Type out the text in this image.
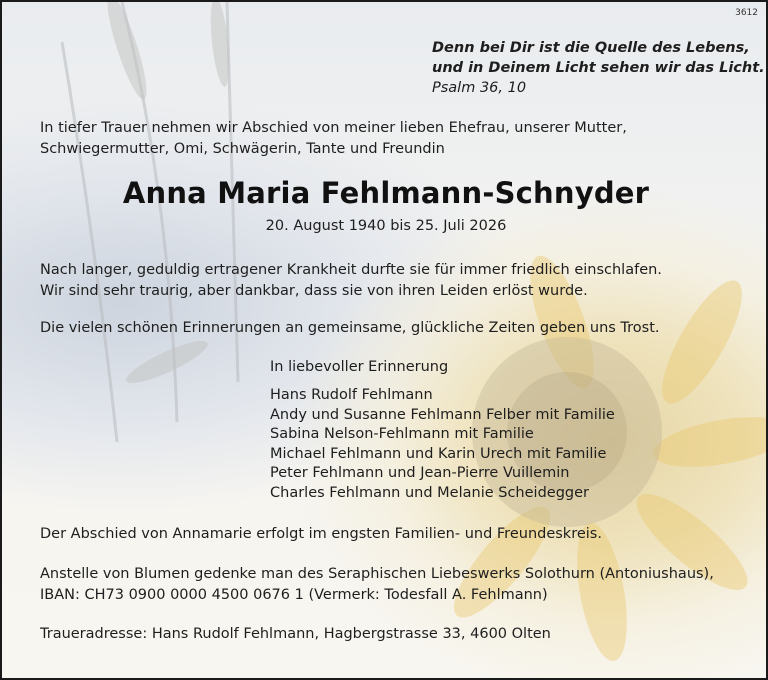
3612
Denn bei Dir ist die Quelle des Lebens,
und in Deinem Licht sehen wir das Licht.
Psalm 36, 10
In tiefer Trauer nehmen wir Abschied von meiner lieben Ehefrau, unserer Mutter,
Schwiegermutter, Omi, Schwägerin, Tante und Freundin
Anna Maria Fehlmann-Schnyder
20. August 1940 bis 25. Juli 2026
Nach langer, geduldig ertragener Krankheit durfte sie für immer friedlich einschlafen.
Wir sind sehr traurig, aber dankbar, dass sie von ihren Leiden erlöst wurde.
Die vielen schönen Erinnerungen an gemeinsame, glückliche Zeiten geben uns Trost.
In liebevoller Erinnerung
Hans Rudolf Fehlmann
Andy und Susanne Fehlmann Felber mit Familie
Sabina Nelson-Fehlmann mit Familie
Michael Fehlmann und Karin Urech mit Familie
Peter Fehlmann und Jean-Pierre Vuillemin
Charles Fehlmann und Melanie Scheidegger
Der Abschied von Annamarie erfolgt im engsten Familien- und Freundeskreis.
Anstelle von Blumen gedenke man des Seraphischen Liebeswerks Solothurn (Antoniushaus),
IBAN: CH73 0900 0000 4500 0676 1 (Vermerk: Todesfall A. Fehlmann)
Traueradresse: Hans Rudolf Fehlmann, Hagbergstrasse 33, 4600 Olten
